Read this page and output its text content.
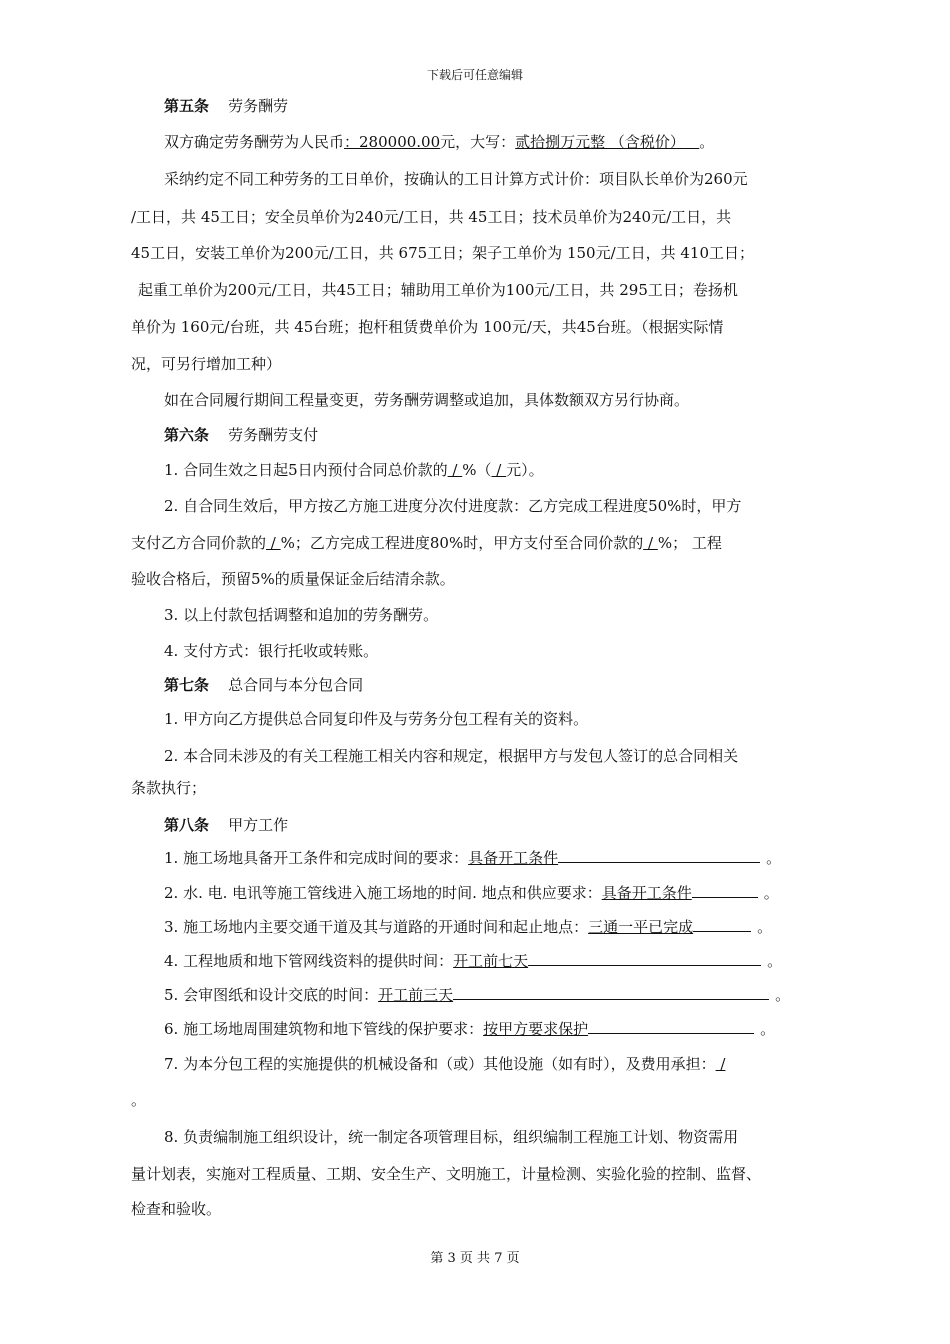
下载后可任意编辑
第五条 劳务酬劳
双方确定劳务酬劳为人民币：280000.00元，大写：贰拾捌万元整 （含税价） 。
采纳约定不同工种劳务的工日单价，按确认的工日计算方式计价：项目队长单价为260元
/工日，共 45工日；安全员单价为240元/工日，共 45工日；技术员单价为240元/工日，共
45工日，安装工单价为200元/工日，共 675工日；架子工单价为 150元/工日，共 410工日；
起重工单价为200元/工日，共45工日；辅助用工单价为100元/工日，共 295工日；卷扬机
单价为 160元/台班，共 45台班；抱杆租赁费单价为 100元/天，共45台班。（根据实际情
况，可另行增加工种）
如在合同履行期间工程量变更，劳务酬劳调整或追加，具体数额双方另行协商。
第六条 劳务酬劳支付
1. 合同生效之日起5日内预付合同总价款的 / %（ / 元）。
2. 自合同生效后，甲方按乙方施工进度分次付进度款：乙方完成工程进度50%时，甲方
支付乙方合同价款的 / %；乙方完成工程进度80%时，甲方支付至合同价款的 / %； 工程
验收合格后，预留5%的质量保证金后结清余款。
3. 以上付款包括调整和追加的劳务酬劳。
4. 支付方式：银行托收或转账。
第七条 总合同与本分包合同
1. 甲方向乙方提供总合同复印件及与劳务分包工程有关的资料。
2. 本合同未涉及的有关工程施工相关内容和规定，根据甲方与发包人签订的总合同相关
条款执行；
第八条 甲方工作
1. 施工场地具备开工条件和完成时间的要求：具备开工条件	。
2. 水. 电. 电讯等施工管线进入施工场地的时间. 地点和供应要求：具备开工条件	。
3. 施工场地内主要交通干道及其与道路的开通时间和起止地点：三通一平已完成	。
4. 工程地质和地下管网线资料的提供时间：开工前七天	。
5. 会审图纸和设计交底的时间：开工前三天	。
6. 施工场地周围建筑物和地下管线的保护要求：按甲方要求保护	。
7. 为本分包工程的实施提供的机械设备和（或）其他设施（如有时），及费用承担： /
。
8. 负责编制施工组织设计，统一制定各项管理目标，组织编制工程施工计划、物资需用
量计划表，实施对工程质量、工期、安全生产、文明施工，计量检测、实验化验的控制、监督、
检查和验收。
第 3 页 共 7 页
